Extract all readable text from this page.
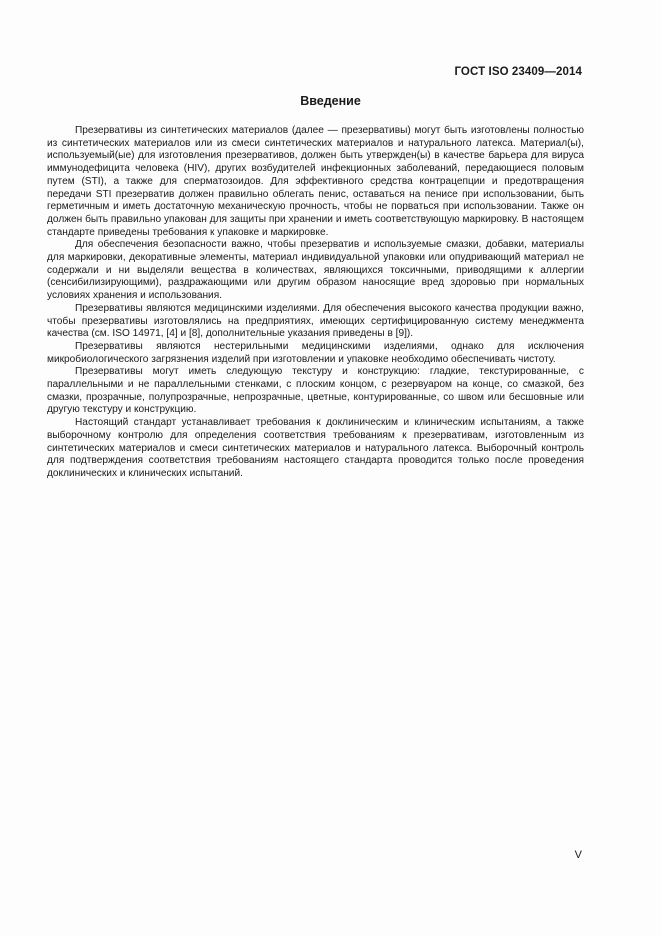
ГОСТ ISO 23409—2014
Введение

Презервативы из синтетических материалов (далее — презервативы) могут быть изготовлены полностью из синтетических материалов или из смеси синтетических материалов и натурального латекса. Материал(ы), используемый(ые) для изготовления презервативов, должен быть утвержден(ы) в качестве барьера для вируса иммунодефицита человека (HIV), других возбудителей инфекционных заболеваний, передающиеся половым путем (STI), а также для сперматозоидов. Для эффективного средства контрацепции и предотвращения передачи STI презерватив должен правильно облегать пенис, оставаться на пенисе при использовании, быть герметичным и иметь достаточную механическую прочность, чтобы не порваться при использовании. Также он должен быть правильно упакован для защиты при хранении и иметь соответствующую маркировку. В настоящем стандарте приведены требования к упаковке и маркировке.

Для обеспечения безопасности важно, чтобы презерватив и используемые смазки, добавки, материалы для маркировки, декоративные элементы, материал индивидуальной упаковки или опудривающий материал не содержали и ни выделяли вещества в количествах, являющихся токсичными, приводящими к аллергии (сенсибилизирующими), раздражающими или другим образом наносящие вред здоровью при нормальных условиях хранения и использования.

Презервативы являются медицинскими изделиями. Для обеспечения высокого качества продукции важно, чтобы презервативы изготовлялись на предприятиях, имеющих сертифицированную систему менеджмента качества (см. ISO 14971, [4] и [8], дополнительные указания приведены в [9]).

Презервативы являются нестерильными медицинскими изделиями, однако для исключения микробиологического загрязнения изделий при изготовлении и упаковке необходимо обеспечивать чистоту.

Презервативы могут иметь следующую текстуру и конструкцию: гладкие, текстурированные, с параллельными и не параллельными стенками, с плоским концом, с резервуаром на конце, со смазкой, без смазки, прозрачные, полупрозрачные, непрозрачные, цветные, контурированные, со швом или бесшовные или другую текстуру и конструкцию.

Настоящий стандарт устанавливает требования к доклиническим и клиническим испытаниям, а также выборочному контролю для определения соответствия требованиям к презервативам, изготовленным из синтетических материалов и смеси синтетических материалов и натурального латекса. Выборочный контроль для подтверждения соответствия требованиям настоящего стандарта проводится только после проведения доклинических и клинических испытаний.

V
